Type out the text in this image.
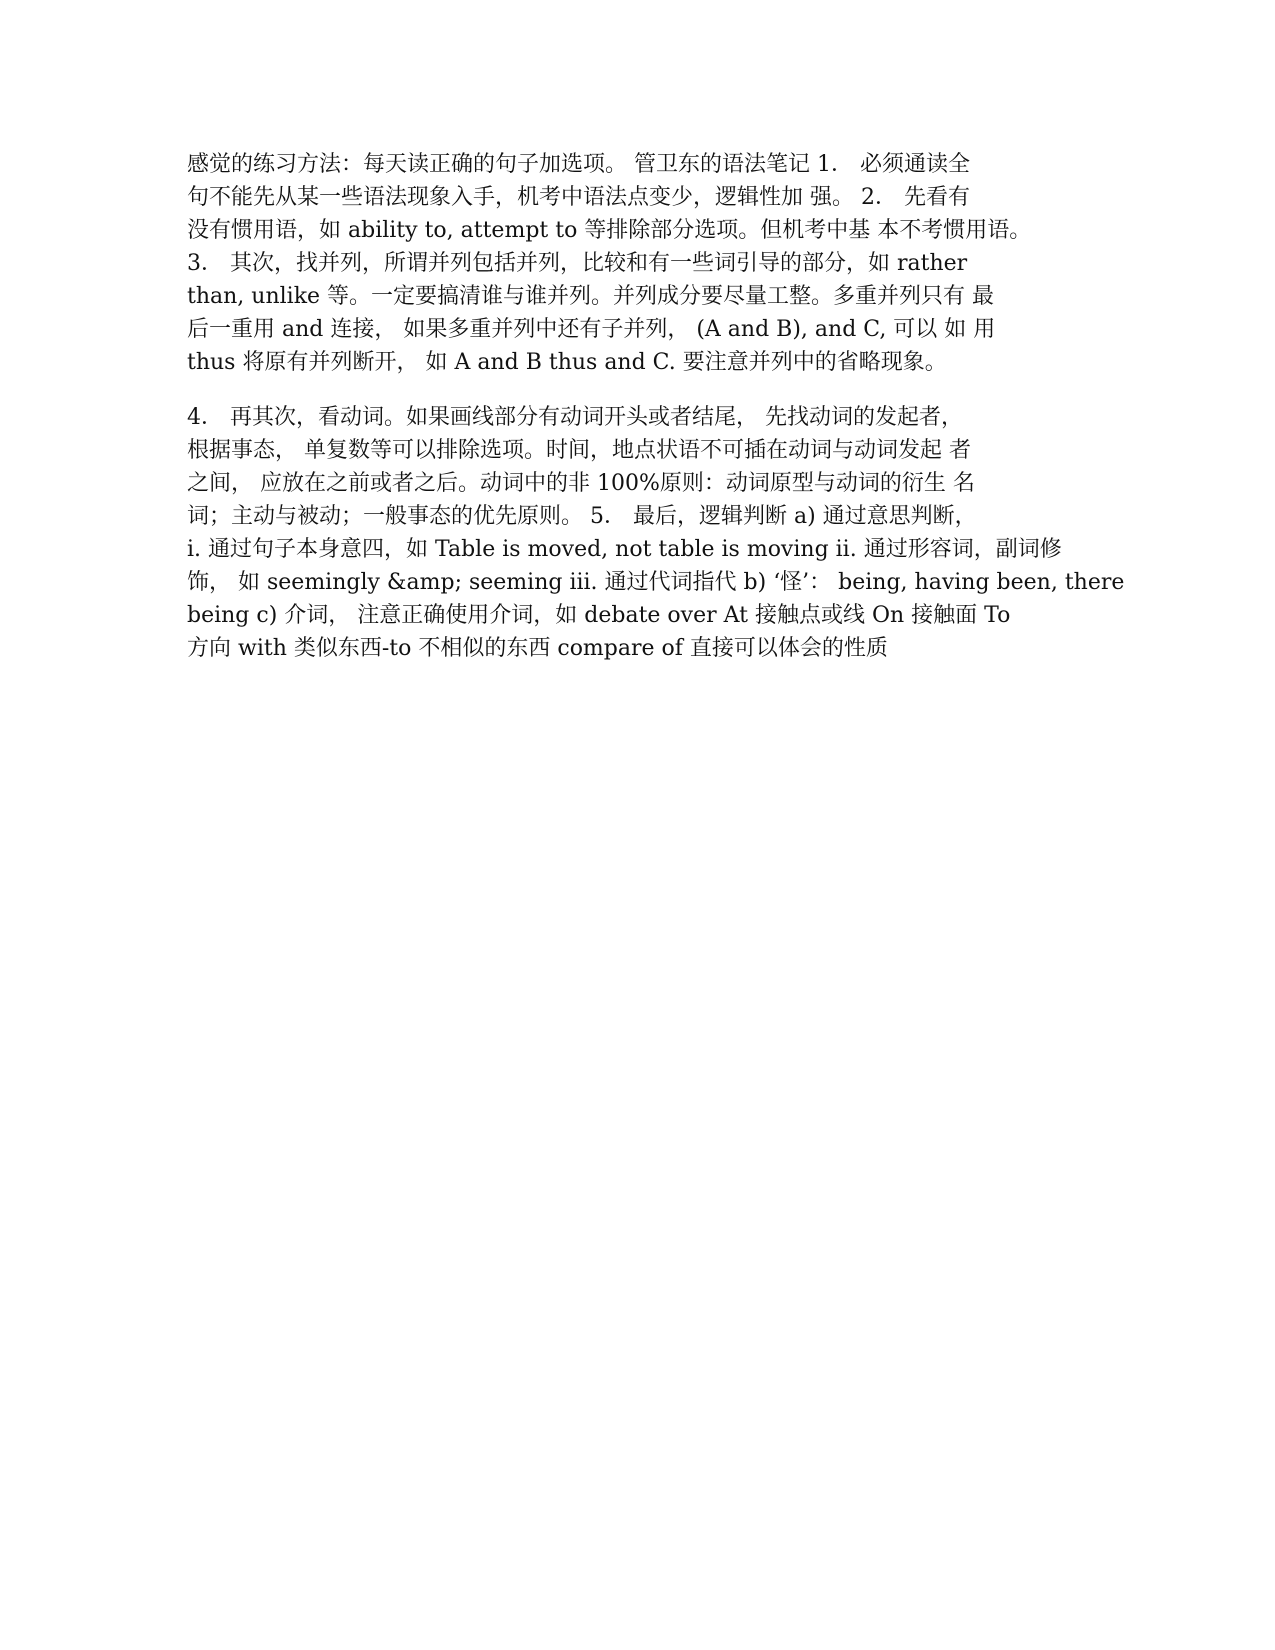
感觉的练习方法：每天读正确的句子加选项。 管卫东的语法笔记 1． 必须通读全
句不能先从某一些语法现象入手，机考中语法点变少，逻辑性加 强。 2． 先看有
没有惯用语，如 ability to, attempt to 等排除部分选项。但机考中基 本不考惯用语。
3． 其次，找并列，所谓并列包括并列，比较和有一些词引导的部分，如 rather
than, unlike 等。一定要搞清谁与谁并列。并列成分要尽量工整。多重并列只有 最
后一重用 and 连接， 如果多重并列中还有子并列， (A and B), and C, 可以 如 用
thus 将原有并列断开， 如 A and B thus and C. 要注意并列中的省略现象。
4． 再其次，看动词。如果画线部分有动词开头或者结尾， 先找动词的发起者，
根据事态， 单复数等可以排除选项。时间，地点状语不可插在动词与动词发起 者
之间， 应放在之前或者之后。动词中的非 100%原则：动词原型与动词的衍生 名
词；主动与被动；一般事态的优先原则。 5． 最后，逻辑判断 a) 通过意思判断，
i. 通过句子本身意四，如 Table is moved, not table is moving ii. 通过形容词，副词修
饰， 如 seemingly &amp; seeming iii. 通过代词指代 b) ‘怪’： being, having been, there
being c) 介词， 注意正确使用介词，如 debate over At 接触点或线 On 接触面 To
方向 with 类似东西-to 不相似的东西 compare of 直接可以体会的性质
